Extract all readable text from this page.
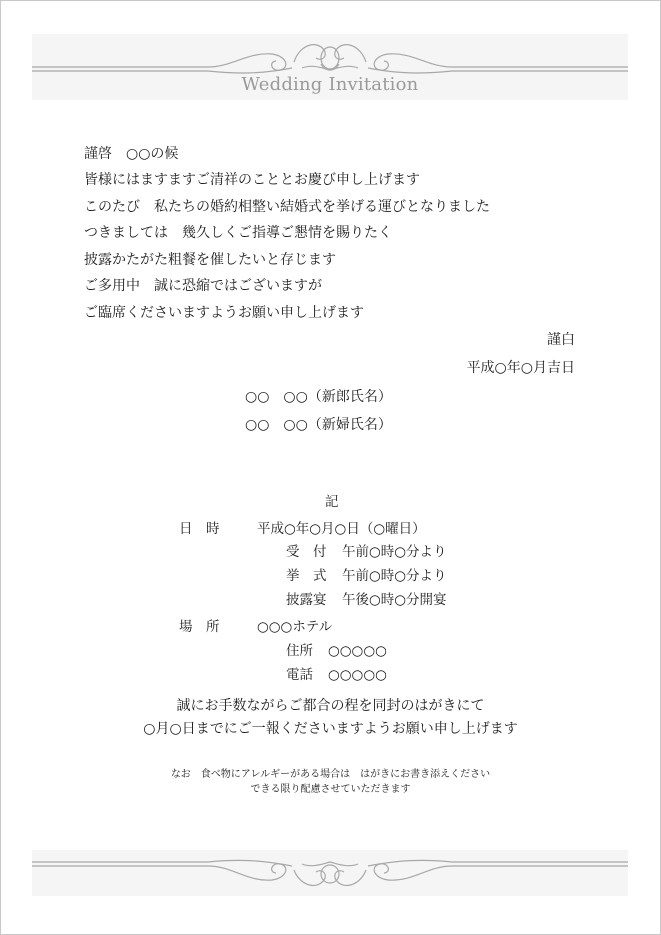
Wedding Invitation
謹啓　○○の候
皆様にはますますご清祥のこととお慶び申し上げます
このたび　私たちの婚約相整い結婚式を挙げる運びとなりました
つきましては　幾久しくご指導ご懇情を賜りたく
披露かたがた粗餐を催したいと存じます
ご多用中　誠に恐縮ではございますが
ご臨席くださいますようお願い申し上げます
謹白
平成○年○月吉日
○○　○○（新郎氏名）
○○　○○（新婦氏名）
記
日　時	平成○年○月○日（○曜日）
受　付 午前○時○分より
挙　式 午前○時○分より
披露宴 午後○時○分開宴
場　所	○○○ホテル
住所 ○○○○○
電話 ○○○○○
誠にお手数ながらご都合の程を同封のはがきにて
○月○日までにご一報くださいますようお願い申し上げます
なお　食べ物にアレルギーがある場合は　はがきにお書き添えください
できる限り配慮させていただきます
